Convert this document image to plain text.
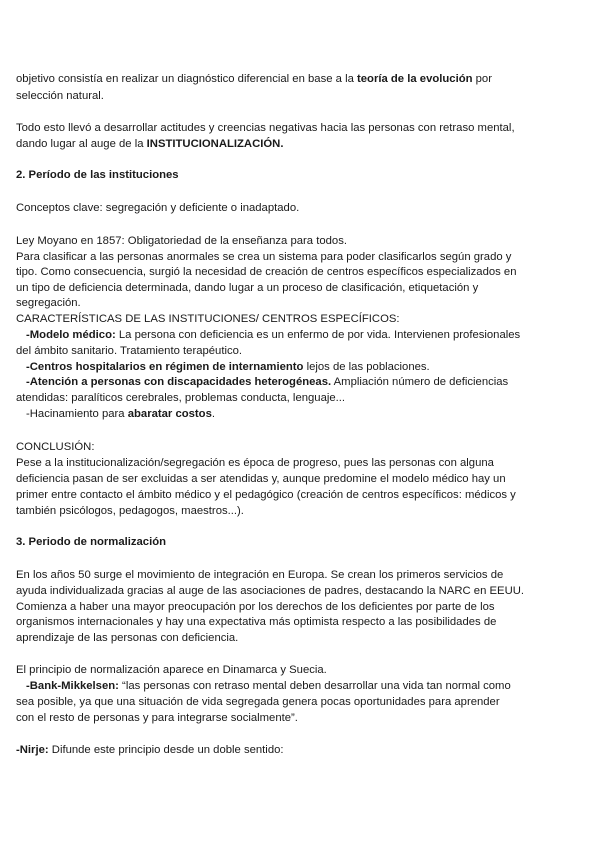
objetivo consistía en realizar un diagnóstico diferencial en base a la teoría de la evolución por
selección natural.
Todo esto llevó a desarrollar actitudes y creencias negativas hacia las personas con retraso mental,
dando lugar al auge de la INSTITUCIONALIZACIÓN.
2. Período de las instituciones
Conceptos clave: segregación y deficiente o inadaptado.
Ley Moyano en 1857: Obligatoriedad de la enseñanza para todos.
Para clasificar a las personas anormales se crea un sistema para poder clasificarlos según grado y
tipo. Como consecuencia, surgió la necesidad de creación de centros específicos especializados en
un tipo de deficiencia determinada, dando lugar a un proceso de clasificación, etiquetación y
segregación.
CARACTERÍSTICAS DE LAS INSTITUCIONES/ CENTROS ESPECÍFICOS:
-Modelo médico: La persona con deficiencia es un enfermo de por vida. Intervienen profesionales
del ámbito sanitario. Tratamiento terapéutico.
-Centros hospitalarios en régimen de internamiento lejos de las poblaciones.
-Atención a personas con discapacidades heterogéneas. Ampliación número de deficiencias
atendidas: paralíticos cerebrales, problemas conducta, lenguaje...
-Hacinamiento para abaratar costos.
CONCLUSIÓN:
Pese a la institucionalización/segregación es época de progreso, pues las personas con alguna
deficiencia pasan de ser excluidas a ser atendidas y, aunque predomine el modelo médico hay un
primer entre contacto el ámbito médico y el pedagógico (creación de centros específicos: médicos y
también psicólogos, pedagogos, maestros...).
3. Periodo de normalización
En los años 50 surge el movimiento de integración en Europa. Se crean los primeros servicios de
ayuda individualizada gracias al auge de las asociaciones de padres, destacando la NARC en EEUU.
Comienza a haber una mayor preocupación por los derechos de los deficientes por parte de los
organismos internacionales y hay una expectativa más optimista respecto a las posibilidades de
aprendizaje de las personas con deficiencia.
El principio de normalización aparece en Dinamarca y Suecia.
-Bank-Mikkelsen: “las personas con retraso mental deben desarrollar una vida tan normal como
sea posible, ya que una situación de vida segregada genera pocas oportunidades para aprender
con el resto de personas y para integrarse socialmente”.
-Nirje: Difunde este principio desde un doble sentido:
